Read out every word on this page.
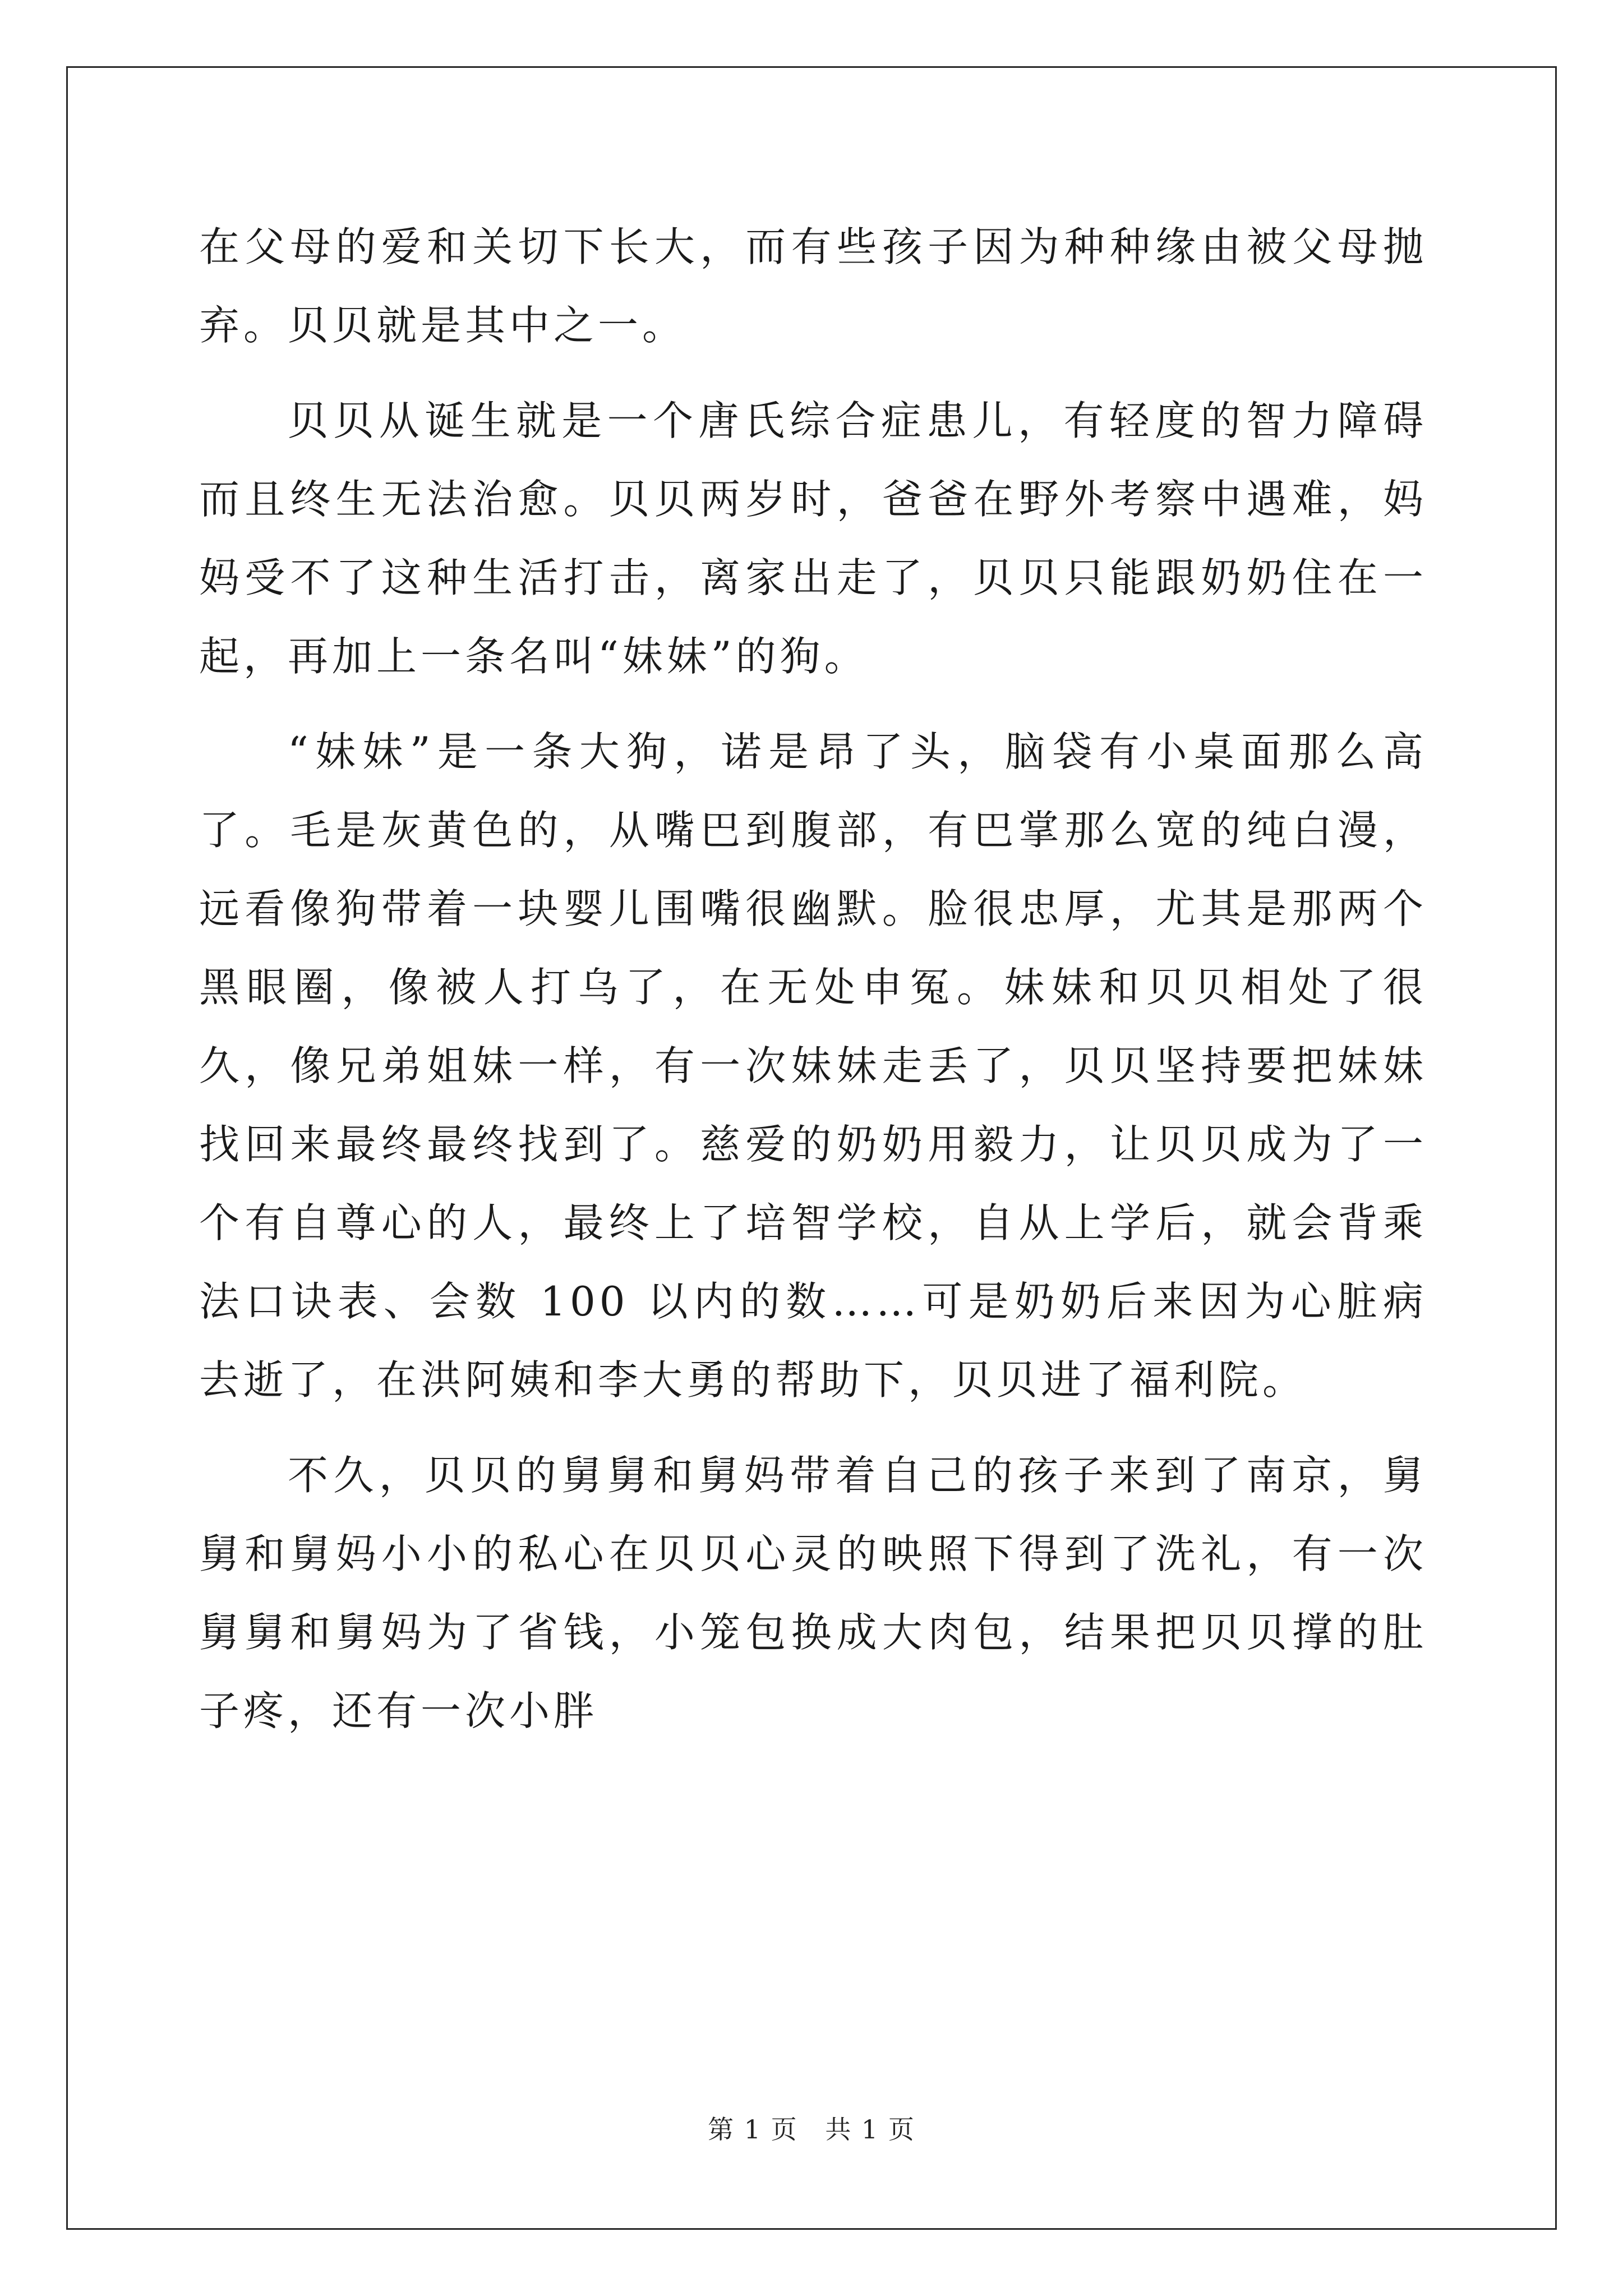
在父母的爱和关切下长大，而有些孩子因为种种缘由被父母抛弃。贝贝就是其中之一。

贝贝从诞生就是一个唐氏综合症患儿，有轻度的智力障碍而且终生无法治愈。贝贝两岁时，爸爸在野外考察中遇难，妈妈受不了这种生活打击，离家出走了，贝贝只能跟奶奶住在一起，再加上一条名叫“妹妹”的狗。

“妹妹”是一条大狗，诺是昂了头，脑袋有小桌面那么高了。毛是灰黄色的，从嘴巴到腹部，有巴掌那么宽的纯白漫，远看像狗带着一块婴儿围嘴很幽默。脸很忠厚，尤其是那两个黑眼圈，像被人打乌了，在无处申冤。妹妹和贝贝相处了很久，像兄弟姐妹一样，有一次妹妹走丢了，贝贝坚持要把妹妹找回来最终最终找到了。慈爱的奶奶用毅力，让贝贝成为了一个有自尊心的人，最终上了培智学校，自从上学后，就会背乘法口诀表、会数 100 以内的数……可是奶奶后来因为心脏病去逝了，在洪阿姨和李大勇的帮助下，贝贝进了福利院。

不久，贝贝的舅舅和舅妈带着自己的孩子来到了南京，舅舅和舅妈小小的私心在贝贝心灵的映照下得到了洗礼，有一次舅舅和舅妈为了省钱，小笼包换成大肉包，结果把贝贝撑的肚子疼，还有一次小胖

第 1 页 共 1 页
